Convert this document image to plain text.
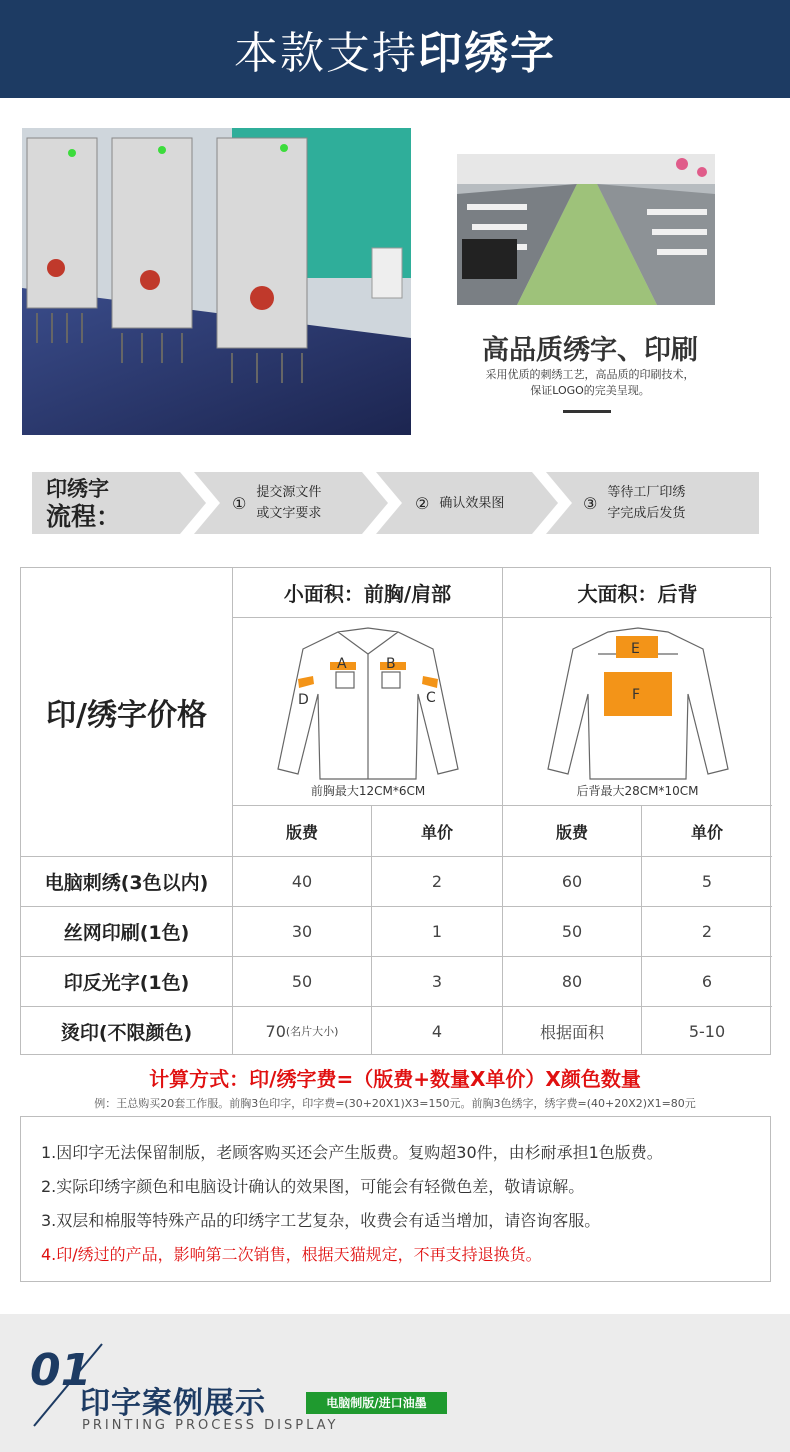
本款支持印绣字
高品质绣字、印刷
采用优质的刺绣工艺，高品质的印刷技术，
保证LOGO的完美呈现。
印绣字
流程：	①
提交源文件
或文字要求
② 确认效果图	③
等待工厂印绣
字完成后发货
印/绣字价格
小面积：前胸/肩部	大面积：后背
A	B
D	C
前胸最大12CM*6CM
E
F
后背最大28CM*10CM
版费	单价	版费	单价
电脑刺绣(3色以内)	40	2	60	5
丝网印刷(1色)	30	1	50	2
印反光字(1色)	50	3	80	6
烫印(不限颜色)	70 (名片大小)	4	根据面积	5-10
计算方式：印/绣字费=（版费+数量X单价）X颜色数量
例：王总购买20套工作服。前胸3色印字，印字费=(30+20X1)X3=150元。前胸3色绣字，绣字费=(40+20X2)X1=80元
1.因印字无法保留制版，老顾客购买还会产生版费。复购超30件，由杉耐承担1色版费。
2.实际印绣字颜色和电脑设计确认的效果图，可能会有轻微色差，敬请谅解。
3.双层和棉服等特殊产品的印绣字工艺复杂，收费会有适当增加，请咨询客服。
4.印/绣过的产品，影响第二次销售，根据天猫规定，不再支持退换货。
01
印字案例展示	电脑制版/进口油墨
PRINTING PROCESS DISPLAY
